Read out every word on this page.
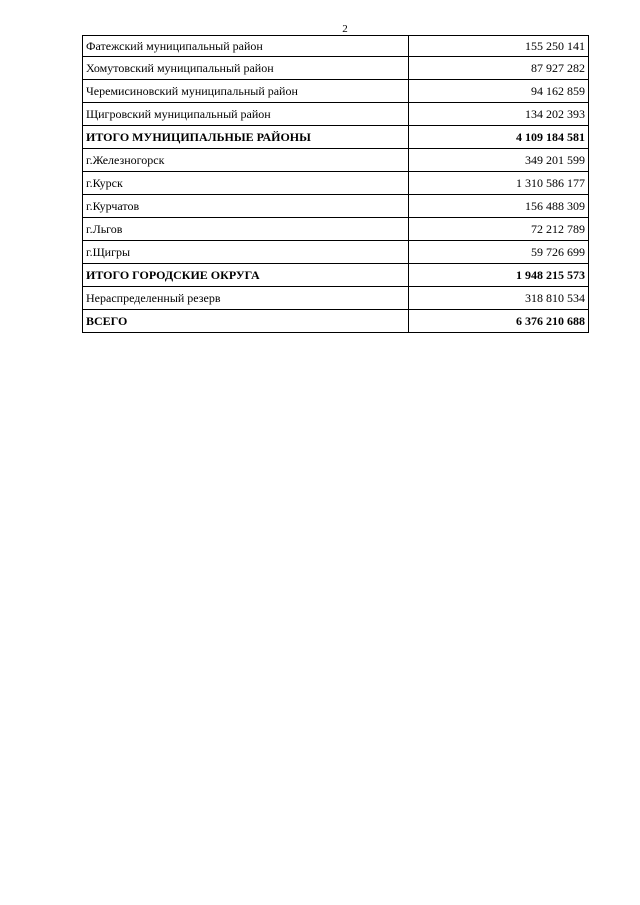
2
Фатежский муниципальный район	155 250 141
Хомутовский муниципальный район	87 927 282
Черемисиновский муниципальный район	94 162 859
Щигровский муниципальный район	134 202 393
ИТОГО МУНИЦИПАЛЬНЫЕ РАЙОНЫ	4 109 184 581
г.Железногорск	349 201 599
г.Курск	1 310 586 177
г.Курчатов	156 488 309
г.Льгов	72 212 789
г.Щигры	59 726 699
ИТОГО ГОРОДСКИЕ ОКРУГА	1 948 215 573
Нераспределенный резерв	318 810 534
ВСЕГО	6 376 210 688
